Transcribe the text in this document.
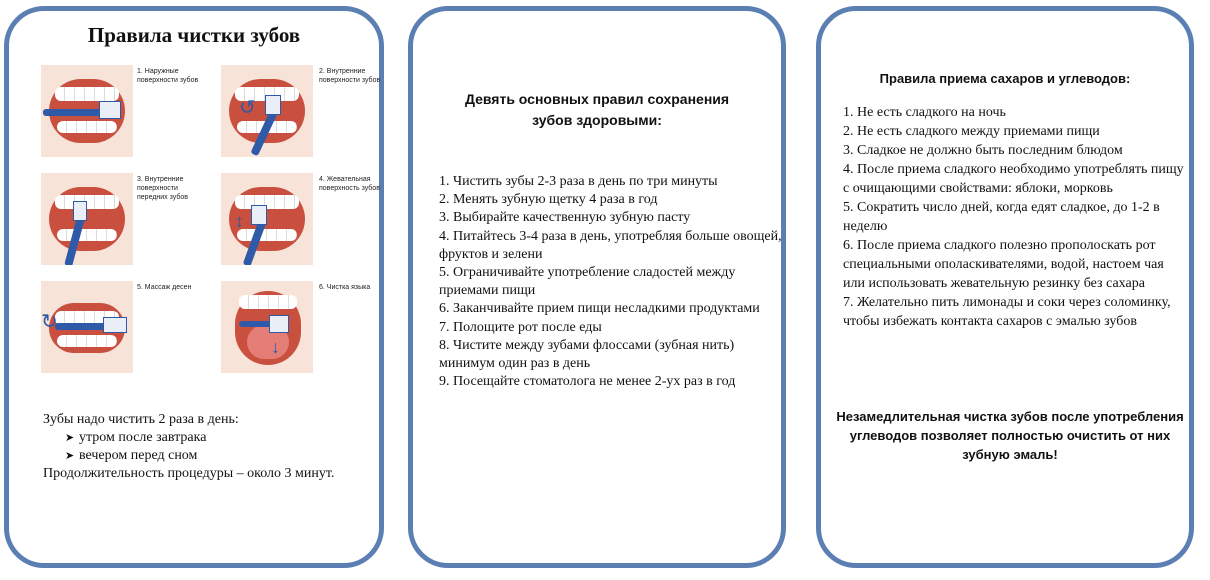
Правила чистки зубов
1. Наружные поверхности зубов
↺
2. Внутренние поверхности зубов
3. Внутренние поверхности передних зубов
↕
4. Жевательная поверхность зубов
↻
5. Массаж десен
↓
6. Чистка языка
Зубы надо чистить 2 раза в день:
➤ утром после завтрака
➤ вечером перед сном
Продолжительность процедуры – около 3 минут.
Девять основных правил сохранения зубов здоровыми:
1. Чистить зубы 2-3 раза в день по три минуты
2. Менять зубную щетку 4 раза в год
3. Выбирайте качественную зубную пасту
4. Питайтесь 3-4 раза в день, употребляя больше овощей, фруктов и зелени
5. Ограничивайте употребление сладостей между приемами пищи
6. Заканчивайте прием пищи несладкими продуктами
7. Полощите рот после еды
8. Чистите между зубами флоссами (зубная нить) минимум один раз в день
9. Посещайте стоматолога не менее 2-ух раз в год
Правила приема сахаров и углеводов:
1. Не есть сладкого на ночь
2. Не есть сладкого между приемами пищи
3. Сладкое не должно быть последним блюдом
4. После приема сладкого необходимо употреблять пищу с очищающими свойствами: яблоки, морковь
5. Сократить число дней, когда едят сладкое, до 1-2 в неделю
6. После приема сладкого полезно прополоскать рот специальными ополаскивателями, водой, настоем чая или использовать жевательную резинку без сахара
7. Желательно пить лимонады и соки через соломинку, чтобы избежать контакта сахаров с эмалью зубов
Незамедлительная чистка зубов после употребления углеводов позволяет полностью очистить от них зубную эмаль!
